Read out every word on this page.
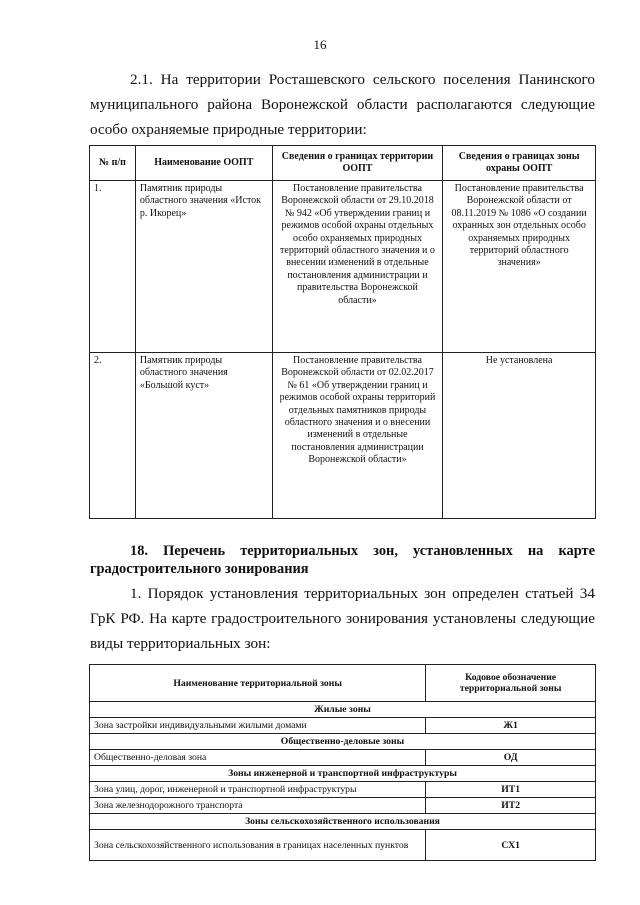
16
2.1. На территории Росташевского сельского поселения Панинского муниципального района Воронежской области располагаются следующие особо охраняемые природные территории:
№ п/п	Наименование ООПТ	Сведения о границах территории ООПТ	Сведения о границах зоны охраны ООПТ
1.	Памятник природы областного значения «Исток р. Икорец»	Постановление правительства Воронежской области от 29.10.2018 № 942 «Об утверждении границ и режимов особой охраны отдельных особо охраняемых природных территорий областного значения и о внесении изменений в отдельные постановления администрации и правительства Воронежской области»	Постановление правительства Воронежской области от 08.11.2019 № 1086 «О создании охранных зон отдельных особо охраняемых природных территорий областного значения»
2.	Памятник природы областного значения «Большой куст»	Постановление правительства Воронежской области от 02.02.2017 № 61 «Об утверждении границ и режимов особой охраны территорий отдельных памятников природы областного значения и о внесении изменений в отдельные постановления администрации Воронежской области»	Не установлена
18. Перечень территориальных зон, установленных на карте градостроительного зонирования
1. Порядок установления территориальных зон определен статьей 34 ГрК РФ. На карте градостроительного зонирования установлены следующие виды территориальных зон:
Наименование территориальной зоны	Кодовое обозначение территориальной зоны
Жилые зоны	
Зона застройки индивидуальными жилыми домами	Ж1
Общественно-деловые зоны	
Общественно-деловая зона	ОД
Зоны инженерной и транспортной инфраструктуры	
Зона улиц, дорог, инженерной и транспортной инфраструктуры	ИТ1
Зона железнодорожного транспорта	ИТ2
Зоны сельскохозяйственного использования	
Зона сельскохозяйственного использования в границах населенных пунктов	СХ1
